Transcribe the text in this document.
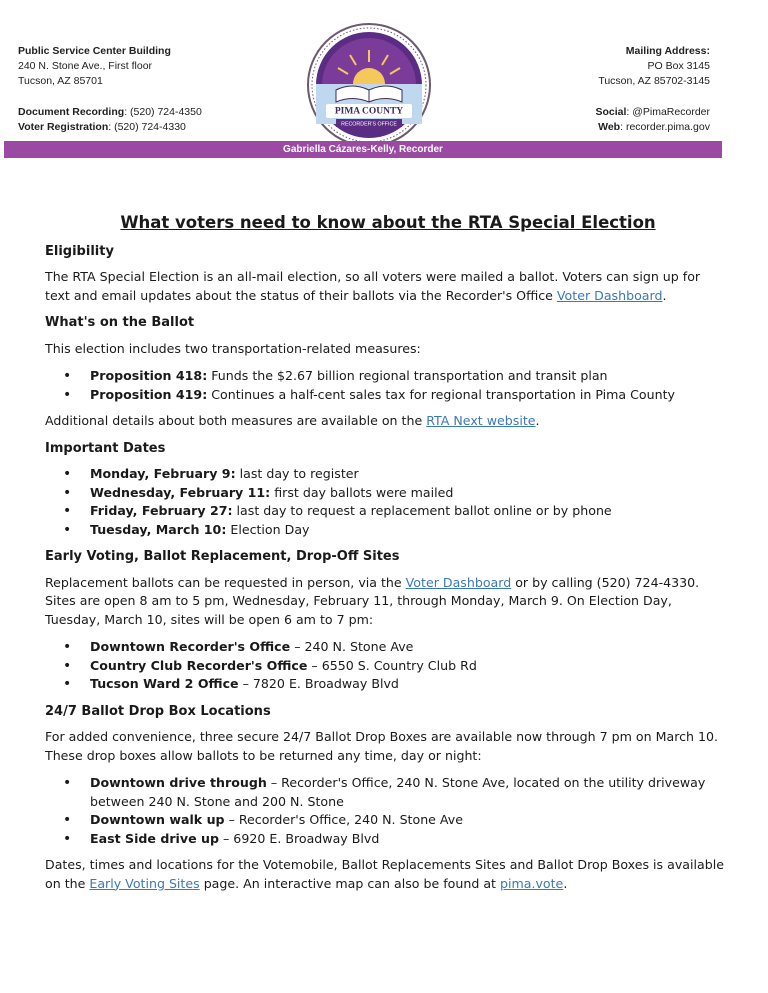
Public Service Center Building
240 N. Stone Ave., First floor
Tucson, AZ 85701
Document Recording: (520) 724-4350
Voter Registration: (520) 724-4330
PIMA COUNTY
RECORDER'S OFFICE
Mailing Address:
PO Box 3145
Tucson, AZ 85702-3145
Social: @PimaRecorder
Web: recorder.pima.gov
Gabriella Cázares-Kelly, Recorder
What voters need to know about the RTA Special Election
Eligibility

The RTA Special Election is an all-mail election, so all voters were mailed a ballot. Voters can sign up for text and email updates about the status of their ballots via the Recorder's Office Voter Dashboard.

What's on the Ballot

This election includes two transportation-related measures:

• Proposition 418: Funds the $2.67 billion regional transportation and transit plan
• Proposition 419: Continues a half-cent sales tax for regional transportation in Pima County

Additional details about both measures are available on the RTA Next website.

Important Dates
• Monday, February 9: last day to register
• Wednesday, February 11: first day ballots were mailed
• Friday, February 27: last day to request a replacement ballot online or by phone
• Tuesday, March 10: Election Day
Early Voting, Ballot Replacement, Drop-Off Sites

Replacement ballots can be requested in person, via the Voter Dashboard or by calling (520) 724-4330. Sites are open 8 am to 5 pm, Wednesday, February 11, through Monday, March 9. On Election Day, Tuesday, March 10, sites will be open 6 am to 7 pm:

• Downtown Recorder's Office – 240 N. Stone Ave
• Country Club Recorder's Office – 6550 S. Country Club Rd
• Tucson Ward 2 Office – 7820 E. Broadway Blvd
24/7 Ballot Drop Box Locations

For added convenience, three secure 24/7 Ballot Drop Boxes are available now through 7 pm on March 10. These drop boxes allow ballots to be returned any time, day or night:

• Downtown drive through – Recorder's Office, 240 N. Stone Ave, located on the utility driveway between 240 N. Stone and 200 N. Stone
• Downtown walk up – Recorder's Office, 240 N. Stone Ave
• East Side drive up – 6920 E. Broadway Blvd

Dates, times and locations for the Votemobile, Ballot Replacements Sites and Ballot Drop Boxes is available on the Early Voting Sites page. An interactive map can also be found at pima.vote.
